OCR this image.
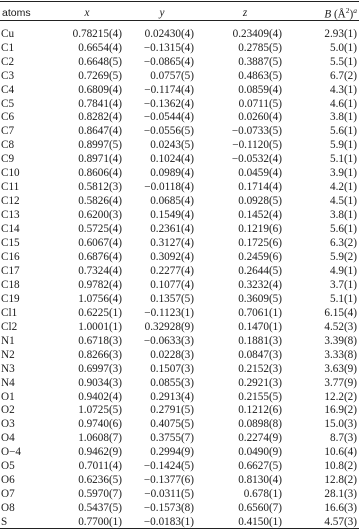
atoms	x	y	z	B $(Å^2)^a$
Cu	0.78215(4)	0.02430(4)	0.23409(4)	2.93(1)
C1	0.6654(4)	−0.1315(4)	0.2785(5)	5.0(1)
C2	0.6648(5)	−0.0865(4)	0.3887(5)	5.5(1)
C3	0.7269(5)	0.0757(5)	0.4863(5)	6.7(2)
C4	0.6809(4)	−0.1174(4)	0.0859(4)	4.3(1)
C5	0.7841(4)	−0.1362(4)	0.0711(5)	4.6(1)
C6	0.8282(4)	−0.0544(4)	0.0260(4)	3.8(1)
C7	0.8647(4)	−0.0556(5)	−0.0733(5)	5.6(1)
C8	0.8997(5)	0.0243(5)	−0.1120(5)	5.9(1)
C9	0.8971(4)	0.1024(4)	−0.0532(4)	5.1(1)
C10	0.8606(4)	0.0989(4)	0.0459(4)	3.9(1)
C11	0.5812(3)	−0.0118(4)	0.1714(4)	4.2(1)
C12	0.5826(4)	0.0685(4)	0.0928(5)	4.5(1)
C13	0.6200(3)	0.1549(4)	0.1452(4)	3.8(1)
C14	0.5725(4)	0.2361(4)	0.1219(6)	5.6(1)
C15	0.6067(4)	0.3127(4)	0.1725(6)	6.3(2)
C16	0.6876(4)	0.3092(4)	0.2459(6)	5.9(2)
C17	0.7324(4)	0.2277(4)	0.2644(5)	4.9(1)
C18	0.9782(4)	0.1077(4)	0.3232(4)	3.7(1)
C19	1.0756(4)	0.1357(5)	0.3609(5)	5.1(1)
Cl1	0.6225(1)	−0.1123(1)	0.7061(1)	6.15(4)
Cl2	1.0001(1)	0.32928(9)	0.1470(1)	4.52(3)
N1	0.6718(3)	−0.0633(3)	0.1881(3)	3.39(8)
N2	0.8266(3)	0.0228(3)	0.0847(3)	3.33(8)
N3	0.6997(3)	0.1507(3)	0.2152(3)	3.63(9)
N4	0.9034(3)	0.0855(3)	0.2921(3)	3.77(9)
O1	0.9402(4)	0.2913(4)	0.2155(5)	12.2(2)
O2	1.0725(5)	0.2791(5)	0.1212(6)	16.9(2)
O3	0.9740(6)	0.4075(5)	0.0898(8)	15.0(3)
O4	1.0608(7)	0.3755(7)	0.2274(9)	8.7(3)
O−4	0.9462(9)	0.2994(9)	0.0490(9)	10.6(4)
O5	0.7011(4)	−0.1424(5)	0.6627(5)	10.8(2)
O6	0.6236(5)	−0.1377(6)	0.8130(4)	12.8(2)
O7	0.5970(7)	−0.0311(5)	0.678(1)	28.1(3)
O8	0.5437(5)	−0.1573(8)	0.6560(7)	16.6(3)
S	0.7700(1)	−0.0183(1)	0.4150(1)	4.57(3)
